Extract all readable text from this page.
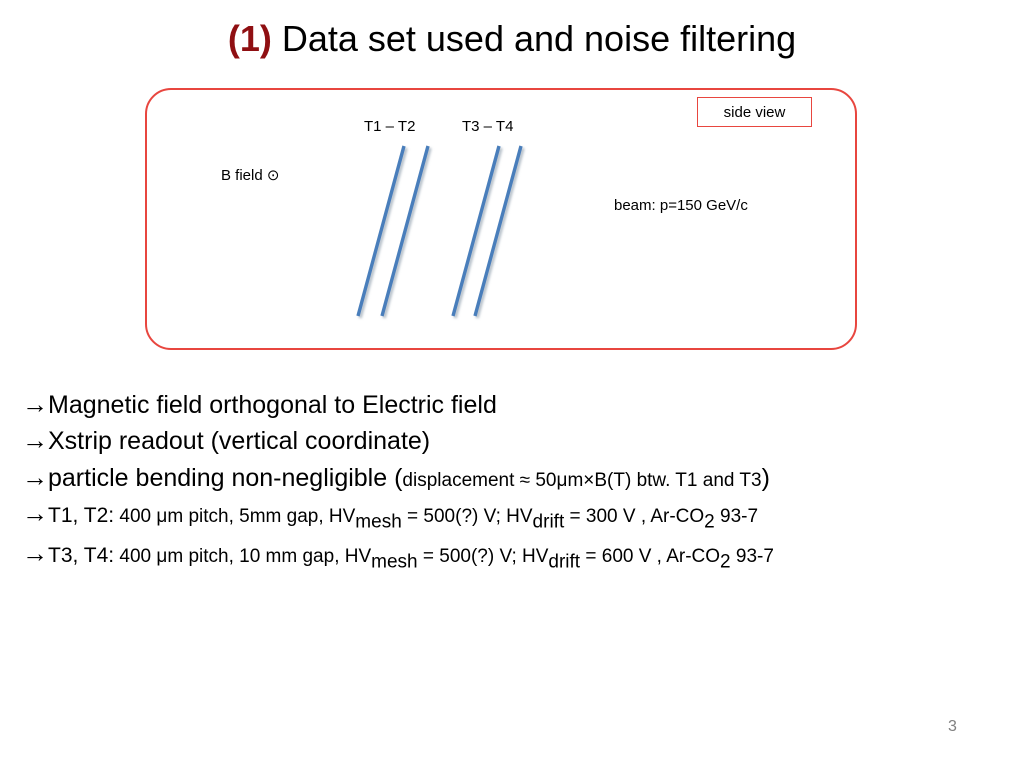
(1) Data set used and noise filtering
side view
T1 – T2	T3 – T4
B field ⊙
beam: p=150 GeV/c
→Magnetic field orthogonal to Electric field
→Xstrip readout (vertical coordinate)
→particle bending non-negligible (displacement ≈ 50μm×B(T) btw. T1 and T3)
→T1, T2: 400 μm pitch, 5mm gap, $HV_{mesh}$ = 500(?) V; $HV_{drift} = 300$ V , $Ar-CO_2$ 93-7
→T3, T4: 400 μm pitch, 10 mm gap, $HV_{mesh}$ = 500(?) V; $HV_{drift} = 600$ V , $Ar-CO_2$ 93-7
3
